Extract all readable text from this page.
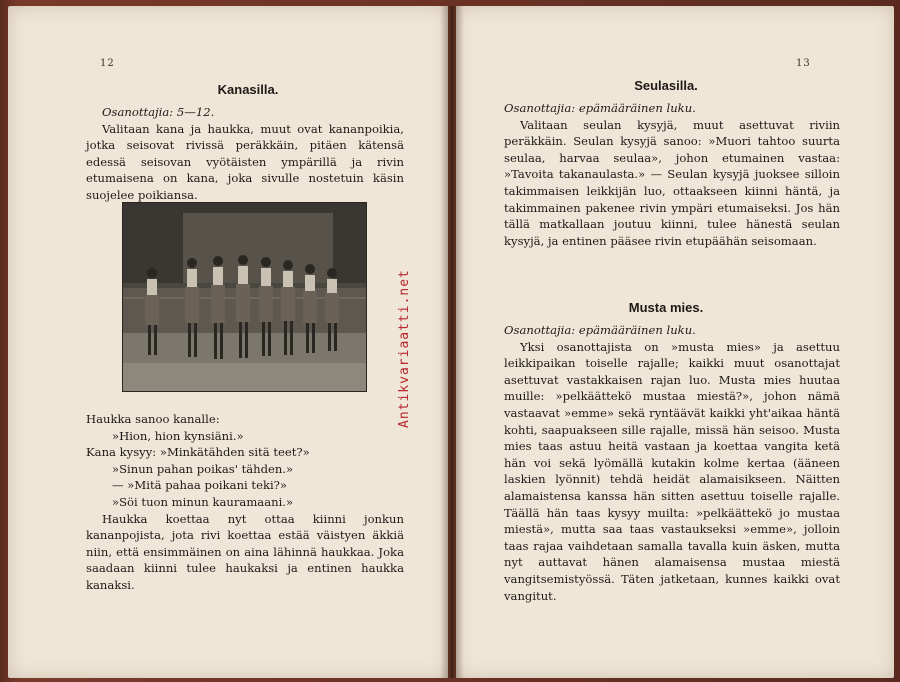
12
Kanasilla.

Osanottajia: 5—12.

Valitaan kana ja haukka, muut ovat kananpoikia, jotka seisovat rivissä peräkkäin, pitäen kätensä edessä seisovan vyötäisten ympärillä ja rivin etumaisena on kana, joka sivulle nostetuin käsin suojelee poikiansa.

Haukka sanoo kanalle:
»Hion, hion kynsiäni.»
Kana kysyy: »Minkätähden sitä teet?»
»Sinun pahan poikas' tähden.»
— »Mitä pahaa poikani teki?»
»Söi tuon minun kauramaani.»

Haukka koettaa nyt ottaa kiinni jonkun kananpojista, jota rivi koettaa estää väistyen äkkiä niin, että ensimmäinen on aina lähinnä haukkaa. Joka saadaan kiinni tulee haukaksi ja entinen haukka kanaksi.

Antikvariaatti.net
13
Seulasilla.

Osanottajia: epämääräinen luku.

Valitaan seulan kysyjä, muut asettuvat riviin peräkkäin. Seulan kysyjä sanoo: »Muori tahtoo suurta seulaa, harvaa seulaa», johon etumainen vastaa: »Tavoita takanaulasta.» — Seulan kysyjä juoksee silloin takimmaisen leikkijän luo, ottaakseen kiinni häntä, ja takimmainen pakenee rivin ympäri etumaiseksi. Jos hän tällä matkallaan joutuu kiinni, tulee hänestä seulan kysyjä, ja entinen pääsee rivin etupäähän seisomaan.

Musta mies.

Osanottajia: epämääräinen luku.

Yksi osanottajista on »musta mies» ja asettuu leikkipaikan toiselle rajalle; kaikki muut osanottajat asettuvat vastakkaisen rajan luo. Musta mies huutaa muille: »pelkäättekö mustaa miestä?», johon nämä vastaavat »emme» sekä ryntäävät kaikki yht'aikaa häntä kohti, saapuakseen sille rajalle, missä hän seisoo. Musta mies taas astuu heitä vastaan ja koettaa vangita ketä hän voi sekä lyömällä kutakin kolme kertaa (ääneen laskien lyönnit) tehdä heidät alamaisikseen. Näitten alamaistensa kanssa hän sitten asettuu toiselle rajalle. Täällä hän taas kysyy muilta: »pelkäättekö jo mustaa miestä», mutta saa taas vastaukseksi »emme», jolloin taas rajaa vaihdetaan samalla tavalla kuin äsken, mutta nyt auttavat hänen alamaisensa mustaa miestä vangitsemistyössä. Täten jatketaan, kunnes kaikki ovat vangitut.
